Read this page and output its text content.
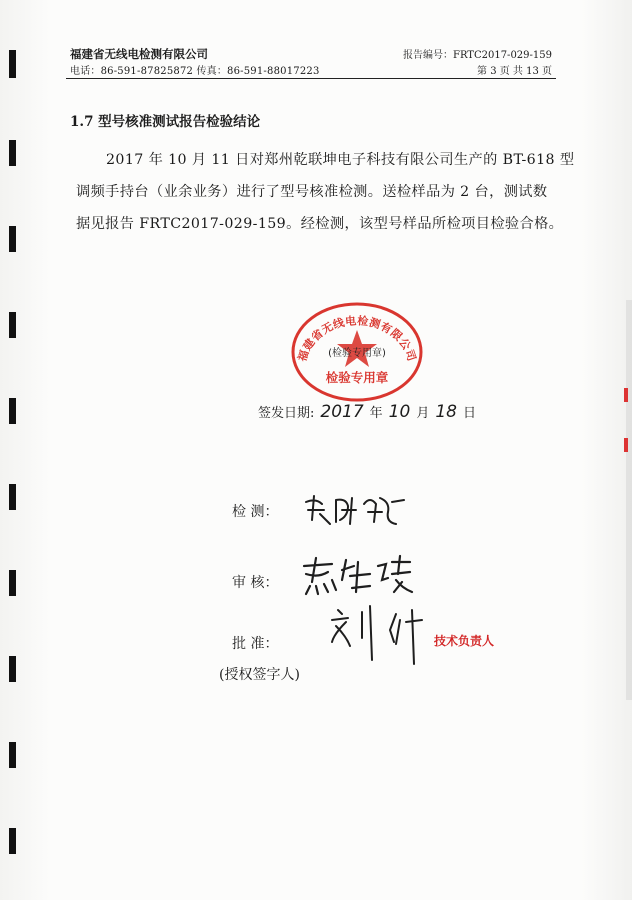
福建省无线电检测有限公司
电话：86-591-87825872 传真：86-591-88017223
报告编号：FRTC2017-029-159
第 3 页 共 13 页
1.7 型号核准测试报告检验结论
2017 年 10 月 11 日对郑州乾联坤电子科技有限公司生产的 BT-618 型
调频手持台（业余业务）进行了型号核准检测。送检样品为 2 台，测试数
据见报告 FRTC2017-029-159。经检测，该型号样品所检项目检验合格。
福建省无线电检测有限公司
(检验专用章)
检验专用章
签发日期: 2017 年 10 月 18 日
检 测：
审 核：
批 准：	技术负责人
(授权签字人)
